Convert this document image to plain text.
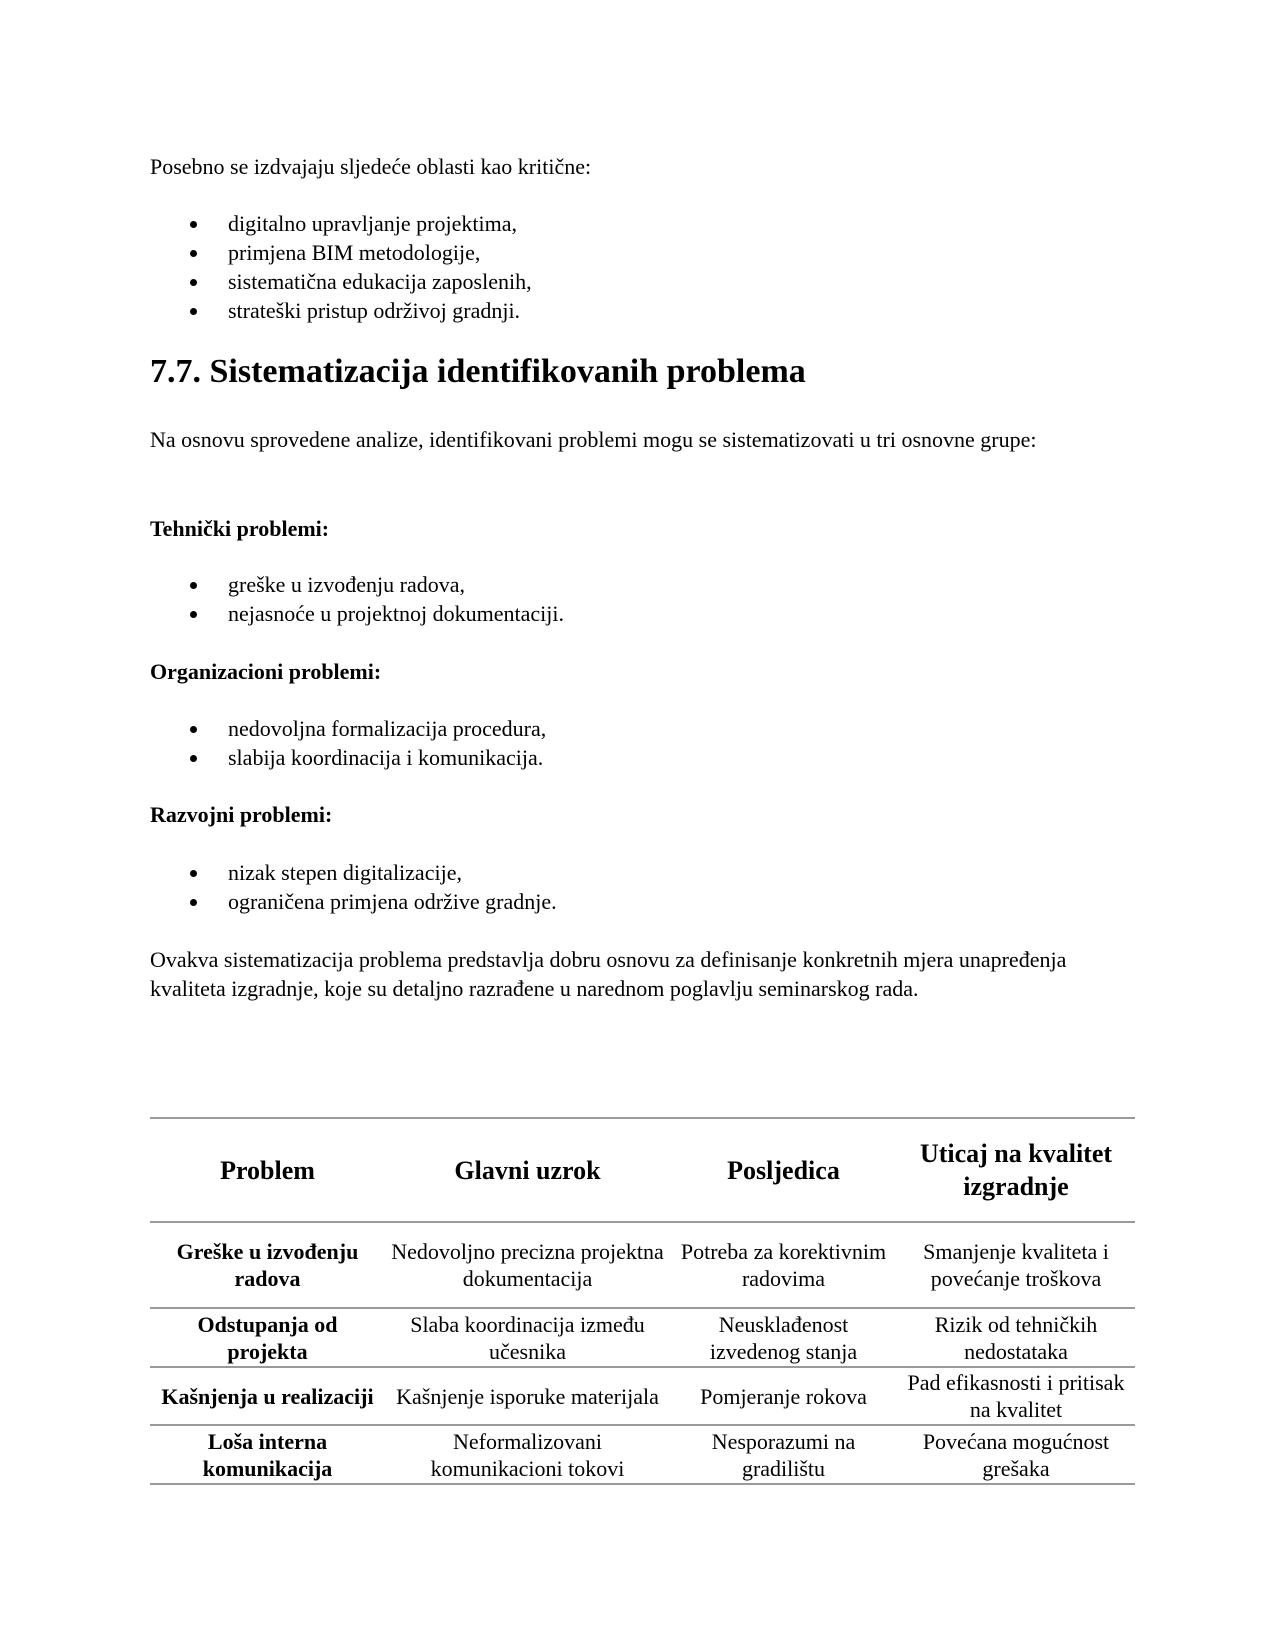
Posebno se izdvajaju sljedeće oblasti kao kritične:
digitalno upravljanje projektima,
primjena BIM metodologije,
sistematična edukacija zaposlenih,
strateški pristup održivoj gradnji.
7.7. Sistematizacija identifikovanih problema

Na osnovu sprovedene analize, identifikovani problemi mogu se sistematizovati u tri osnovne grupe:

Tehnički problemi:
greške u izvođenju radova,
nejasnoće u projektnoj dokumentaciji.
Organizacioni problemi:
nedovoljna formalizacija procedura,
slabija koordinacija i komunikacija.
Razvojni problemi:
nizak stepen digitalizacije,
ograničena primjena održive gradnje.

Ovakva sistematizacija problema predstavlja dobru osnovu za definisanje konkretnih mjera unapređenja kvaliteta izgradnje, koje su detaljno razrađene u narednom poglavlju seminarskog rada.

Problem	Glavni uzrok	Posljedica	Uticaj na kvalitet izgradnje
Greške u izvođenju radova	Nedovoljno precizna projektna dokumentacija	Potreba za korektivnim radovima	Smanjenje kvaliteta i povećanje troškova
Odstupanja od projekta	Slaba koordinacija između učesnika	Neusklađenost izvedenog stanja	Rizik od tehničkih nedostataka
Kašnjenja u realizaciji	Kašnjenje isporuke materijala	Pomjeranje rokova	Pad efikasnosti i pritisak na kvalitet
Loša interna komunikacija	Neformalizovani komunikacioni tokovi	Nesporazumi na gradilištu	Povećana mogućnost grešaka
